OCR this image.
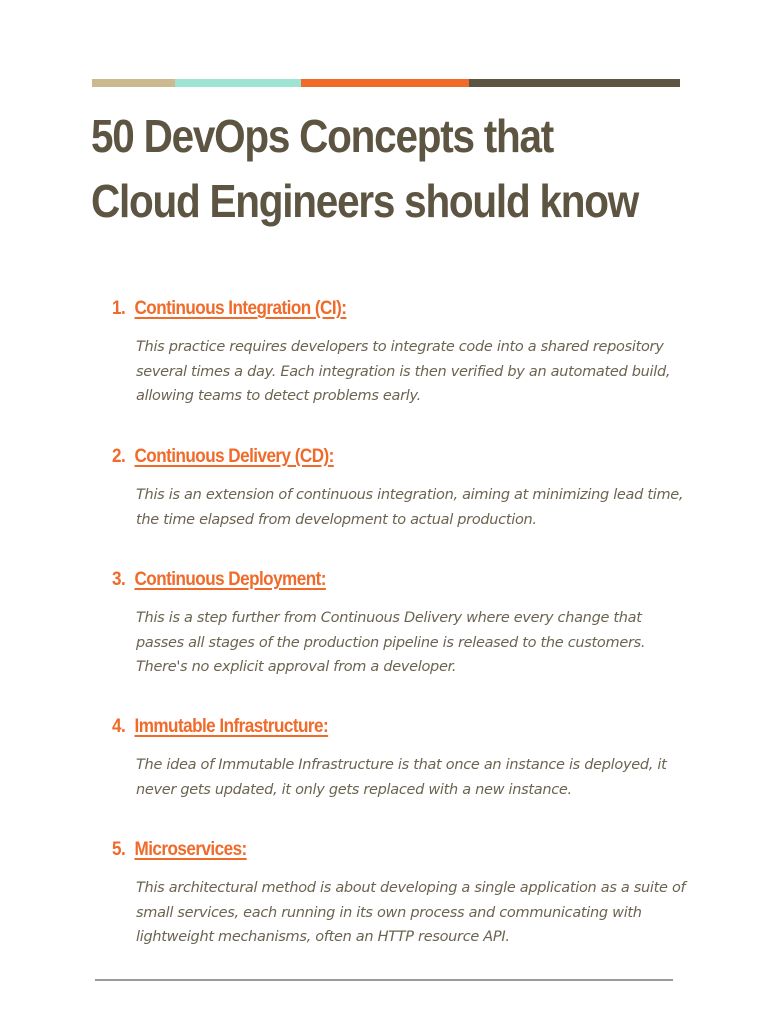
50 DevOps Concepts that
Cloud Engineers should know
1. Continuous Integration (CI):

This practice requires developers to integrate code into a shared repository several times a day. Each integration is then verified by an automated build, allowing teams to detect problems early.

2. Continuous Delivery (CD):

This is an extension of continuous integration, aiming at minimizing lead time, the time elapsed from development to actual production.

3. Continuous Deployment:

This is a step further from Continuous Delivery where every change that passes all stages of the production pipeline is released to the customers. There's no explicit approval from a developer.

4. Immutable Infrastructure:

The idea of Immutable Infrastructure is that once an instance is deployed, it never gets updated, it only gets replaced with a new instance.

5. Microservices:

This architectural method is about developing a single application as a suite of small services, each running in its own process and communicating with lightweight mechanisms, often an HTTP resource API.
